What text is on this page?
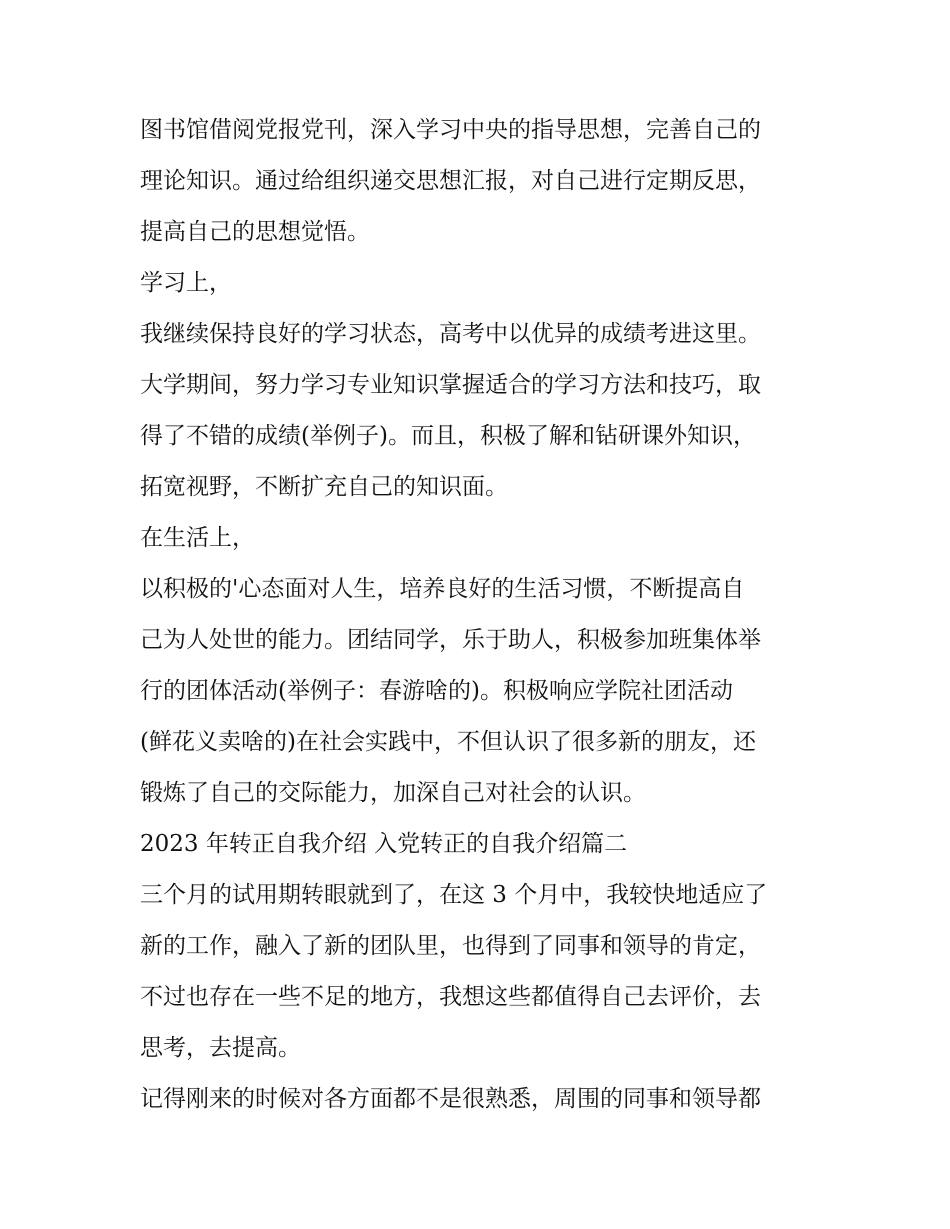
图书馆借阅党报党刊，深入学习中央的指导思想，完善自己的
理论知识。通过给组织递交思想汇报，对自己进行定期反思，
提高自己的思想觉悟。
学习上，
我继续保持良好的学习状态，高考中以优异的成绩考进这里。
大学期间，努力学习专业知识掌握适合的学习方法和技巧，取
得了不错的成绩(举例子)。而且，积极了解和钻研课外知识，
拓宽视野，不断扩充自己的知识面。
在生活上，
以积极的'心态面对人生，培养良好的生活习惯，不断提高自
己为人处世的能力。团结同学，乐于助人，积极参加班集体举
行的团体活动(举例子：春游啥的)。积极响应学院社团活动
(鲜花义卖啥的)在社会实践中，不但认识了很多新的朋友，还
锻炼了自己的交际能力，加深自己对社会的认识。
2023 年转正自我介绍 入党转正的自我介绍篇二
三个月的试用期转眼就到了，在这 3 个月中，我较快地适应了
新的工作，融入了新的团队里，也得到了同事和领导的肯定，
不过也存在一些不足的地方，我想这些都值得自己去评价，去
思考，去提高。
记得刚来的时候对各方面都不是很熟悉，周围的同事和领导都
